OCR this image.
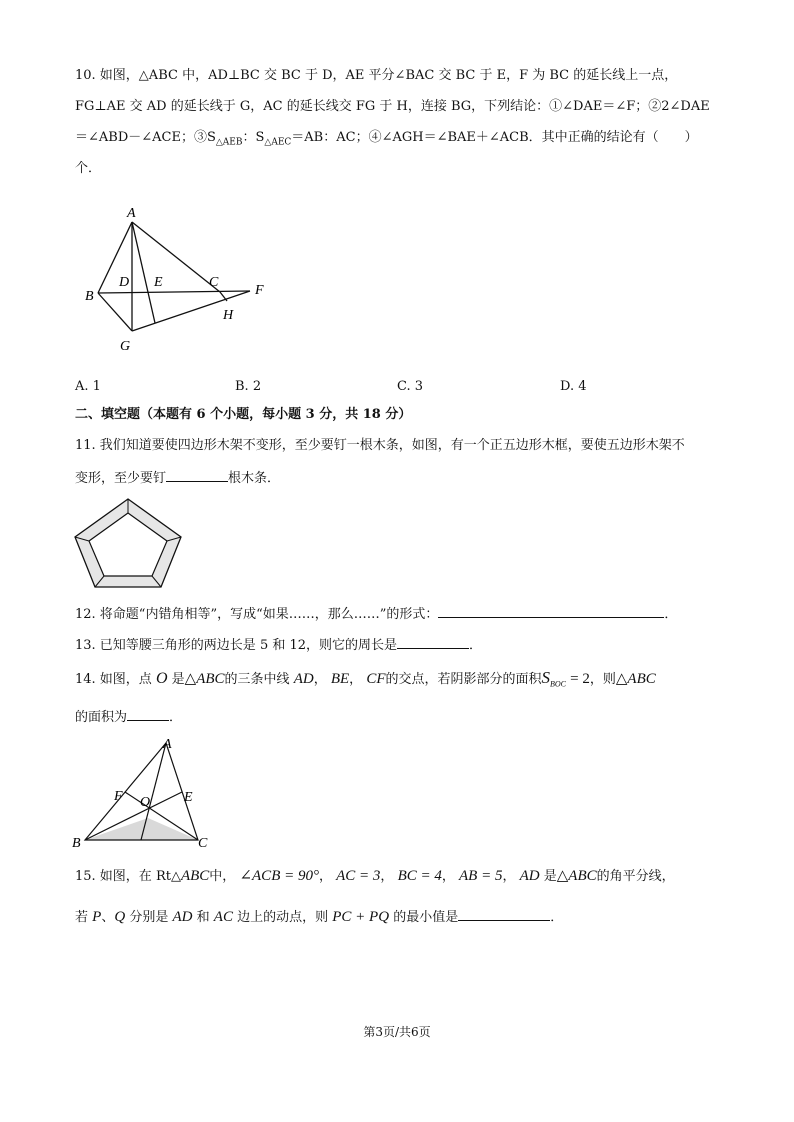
10. 如图，△ABC 中，AD⊥BC 交 BC 于 D，AE 平分∠BAC 交 BC 于 E，F 为 BC 的延长线上一点，
FG⊥AE 交 AD 的延长线于 G，AC 的延长线交 FG 于 H，连接 BG，下列结论：①∠DAE＝∠F；②2∠DAE
＝∠ABD－∠ACE；$③S_{\triangle AEB}$：$S_{\triangle AEC}=AB$：AC；④∠AGH＝∠BAE＋∠ACB．其中正确的结论有（　　）
个．
A
B
D E	C
F
H
G
A. 1	B. 2	C. 3	D. 4
二、填空题（本题有 6 个小题，每小题 3 分，共 18 分）
11. 我们知道要使四边形木架不变形，至少要钉一根木条，如图，有一个正五边形木框，要使五边形木架不
变形，至少要钉	根木条．
12. 将命题“内错角相等”，写成“如果……，那么……”的形式：	．
13. 已知等腰三角形的两边长是 5 和 12，则它的周长是	．
14. 如图，点 O 是△ABC的三条中线 AD， BE， CF的交点，若阴影部分的面积$S_{BOC} = 2$，则△ABC
的面积为	．
A
F O E
B	C
15. 如图，在 Rt△ABC中， ∠ACB = 90°， AC = 3， BC = 4， AB = 5， AD 是△ABC的角平分线，
若 P、Q 分别是 AD 和 AC 边上的动点，则 PC + PQ 的最小值是	．
第3页/共6页
